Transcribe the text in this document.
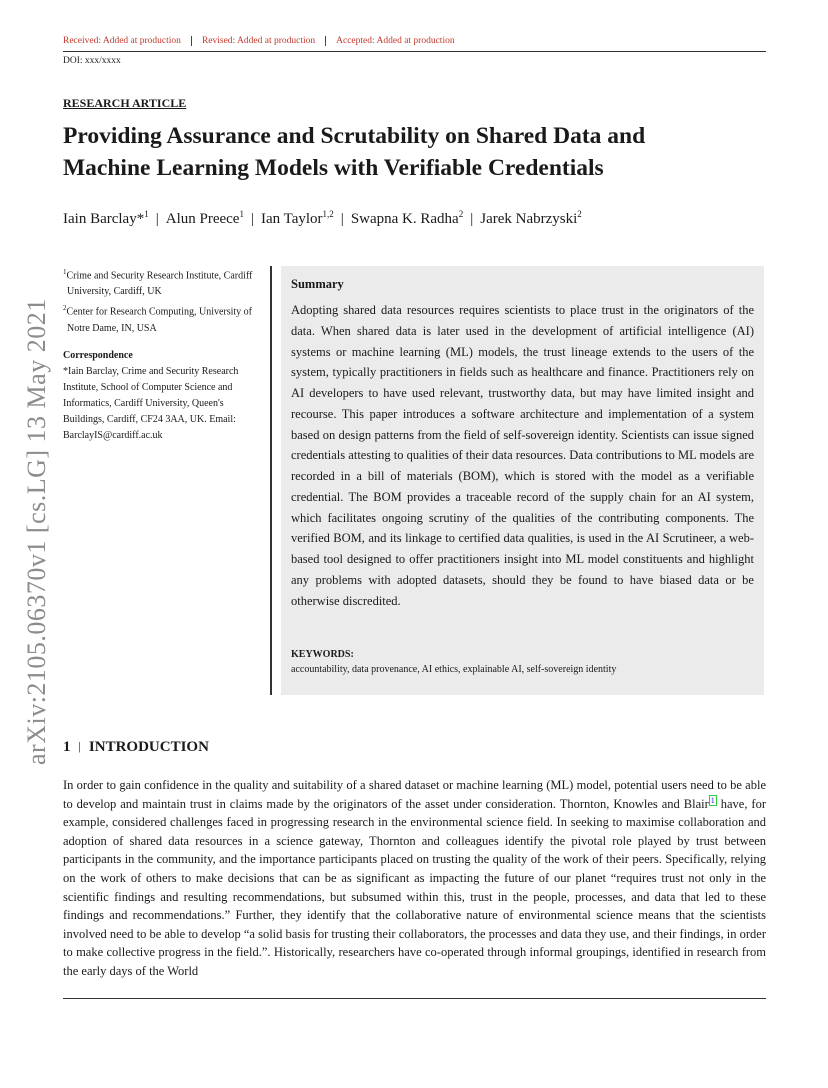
Received: Added at production	Revised: Added at production	Accepted: Added at production
DOI: xxx/xxxx
RESEARCH ARTICLE
Providing Assurance and Scrutability on Shared Data and
Machine Learning Models with Verifiable Credentials
Iain Barclay*$^1$ | Alun Preece$^1$ | Ian Taylor$^{1,2}$ | Swapna K. Radha$^2$ | Jarek Nabrzyski$^2$
arXiv:2105.06370v1 [cs.LG] 13 May 2021
$^1$Crime and Security Research Institute, Cardiff University, Cardiff, UK
$^2$Center for Research Computing, University of Notre Dame, IN, USA
Correspondence
*Iain Barclay, Crime and Security Research Institute, School of Computer Science and Informatics, Cardiff University, Queen's Buildings, Cardiff, CF24 3AA, UK. Email: BarclayIS@cardiff.ac.uk
Summary
Adopting shared data resources requires scientists to place trust in the originators of the data. When shared data is later used in the development of artificial intelligence (AI) systems or machine learning (ML) models, the trust lineage extends to the users of the system, typically practitioners in fields such as healthcare and finance. Practitioners rely on AI developers to have used relevant, trustworthy data, but may have limited insight and recourse. This paper introduces a software architecture and implementation of a system based on design patterns from the field of self-sovereign identity. Scientists can issue signed credentials attesting to qualities of their data resources. Data contributions to ML models are recorded in a bill of materials (BOM), which is stored with the model as a verifiable credential. The BOM provides a traceable record of the supply chain for an AI system, which facilitates ongoing scrutiny of the qualities of the contributing components. The verified BOM, and its linkage to certified data qualities, is used in the AI Scrutineer, a web-based tool designed to offer practitioners insight into ML model constituents and highlight any problems with adopted datasets, should they be found to have biased data or be otherwise discredited.
KEYWORDS:
accountability, data provenance, AI ethics, explainable AI, self-sovereign identity
1 | INTRODUCTION
In order to gain confidence in the quality and suitability of a shared dataset or machine learning (ML) model, potential users need to be able to develop and maintain trust in claims made by the originators of the asset under consideration. Thornton, Knowles and Blair 1 have, for example, considered challenges faced in progressing research in the environmental science field. In seeking to maximise collaboration and adoption of shared data resources in a science gateway, Thornton and colleagues identify the pivotal role played by trust between participants in the community, and the importance participants placed on trusting the quality of the work of their peers. Specifically, relying on the work of others to make decisions that can be as significant as impacting the future of our planet “requires trust not only in the scientific findings and resulting recommendations, but subsumed within this, trust in the people, processes, and data that led to these findings and recommendations.” Further, they identify that the collaborative nature of environmental science means that the scientists involved need to be able to develop “a solid basis for trusting their collaborators, the processes and data they use, and their findings, in order to make collective progress in the field.”. Historically, researchers have co-operated through informal groupings, identified in research from the early days of the World
